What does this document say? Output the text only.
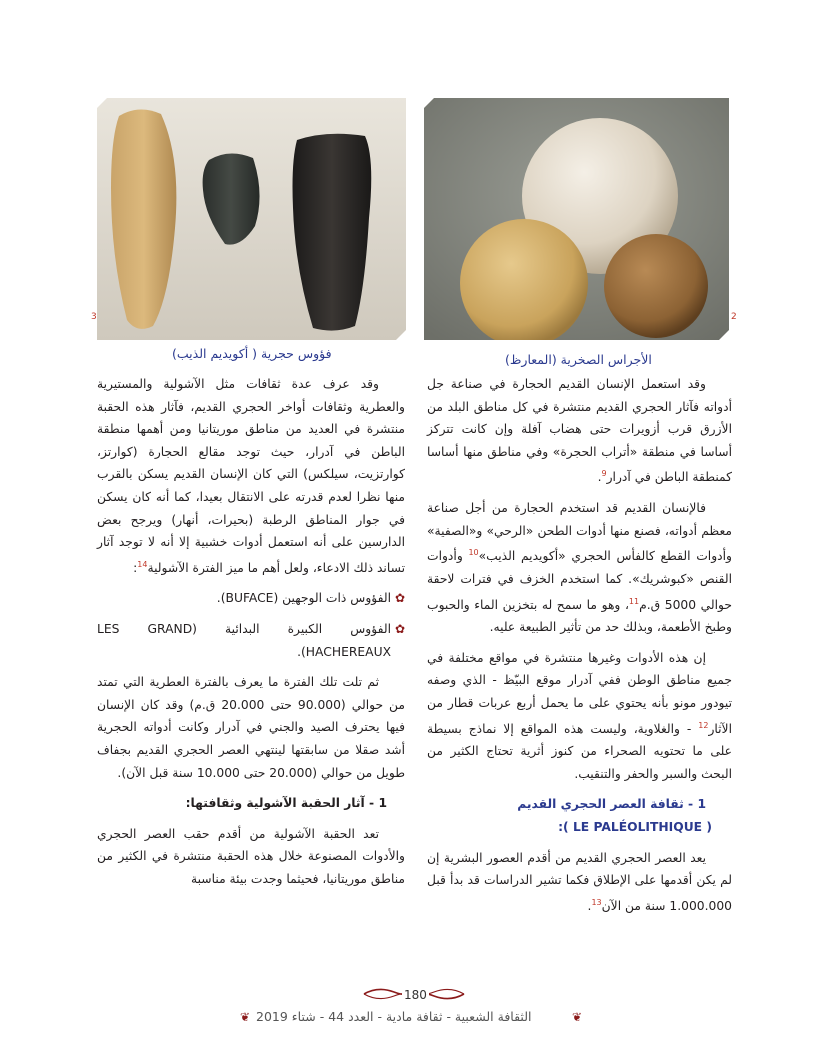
2
3
الأجراس الصخرية (المعارظ)
فؤوس حجرية ( أكويديم الذيب)

وقد استعمل الإنسان القديم الحجارة في صناعة جل أدواته فآثار الحجري القديم منتشرة في كل مناطق البلد من الأزرق قرب أزويرات حتى هضاب آفلة وإن كانت تتركز أساسا في منطقة «أتراب الحجرة» وفي مناطق منها أساسا كمنطقة الباطن في آدرار$^9$.

فالإنسان القديم قد استخدم الحجارة من أجل صناعة معظم أدواته، فصنع منها أدوات الطحن «الرحي» و«الصفية» وأدوات القطع كالفأس الحجري «أكويديم الذيب»$^{10}$ وأدوات القنص «كبوشريك». كما استخدم الخزف في فترات لاحقة حوالي 5000 ق.م$^{11}$، وهو ما سمح له بتخزين الماء والحبوب وطبخ الأطعمة، وبذلك حد من تأثير الطبيعة عليه.

إن هذه الأدوات وغيرها منتشرة في مواقع مختلفة في جميع مناطق الوطن ففي آدرار موقع البيّظ - الذي وصفه تيودور مونو بأنه يحتوي على ما يحمل أربع عربات قطار من الآثار$^{12}$ - والغلاوية، وليست هذه المواقع إلا نماذج بسيطة على ما تحتويه الصحراء من كنوز أثرية تحتاج الكثير من البحث والسبر والحفر والتنقيب.

1 - ثقافة العصر الحجري القديم

( LE PALÉOLITHIQUE ):

يعد العصر الحجري القديم من أقدم العصور البشرية إن لم يكن أقدمها على الإطلاق فكما تشير الدراسات قد بدأ قبل 1.000.000 سنة من الآن$^{13}$.

وقد عرف عدة ثقافات مثل الآشولية والمستيرية والعطرية وثقافات أواخر الحجري القديم، فآثار هذه الحقبة منتشرة في العديد من مناطق موريتانيا ومن أهمها منطقة الباطن في آدرار، حيث توجد مقالع الحجارة (كوارتز، كوارتزيت، سيلكس) التي كان الإنسان القديم يسكن بالقرب منها نظرا لعدم قدرته على الانتقال بعيدا، كما أنه كان يسكن في جوار المناطق الرطبة (بحيرات، أنهار) ويرجح بعض الدارسين على أنه استعمل أدوات خشبية إلا أنه لا توجد آثار تساند ذلك الادعاء، ولعل أهم ما ميز الفترة الآشولية$^{14}$:

✿
الفؤوس ذات الوجهين (BUFACE).

✿
الفؤوس الكبيرة البدائية (LES GRAND HACHEREAUX).

ثم تلت تلك الفترة ما يعرف بالفترة العطرية التي تمتد من حوالي (90.000 حتى 20.000 ق.م) وقد كان الإنسان فيها يحترف الصيد والجني في آدرار وكانت أدواته الحجرية أشد صقلا من سابقتها لينتهي العصر الحجري القديم بجفاف طويل من حوالي (20.000 حتى 10.000 سنة قبل الآن).

1 - آثار الحقبة الآشولية وثقافتها:

تعد الحقبة الآشولية من أقدم حقب العصر الحجري والأدوات المصنوعة خلال هذه الحقبة منتشرة في الكثير من مناطق موريتانيا، فحيثما وجدت بيئة مناسبة

180
❦ الثقافة الشعبية - ثقافة مادية - العدد 44 - شتاء 2019	❦
